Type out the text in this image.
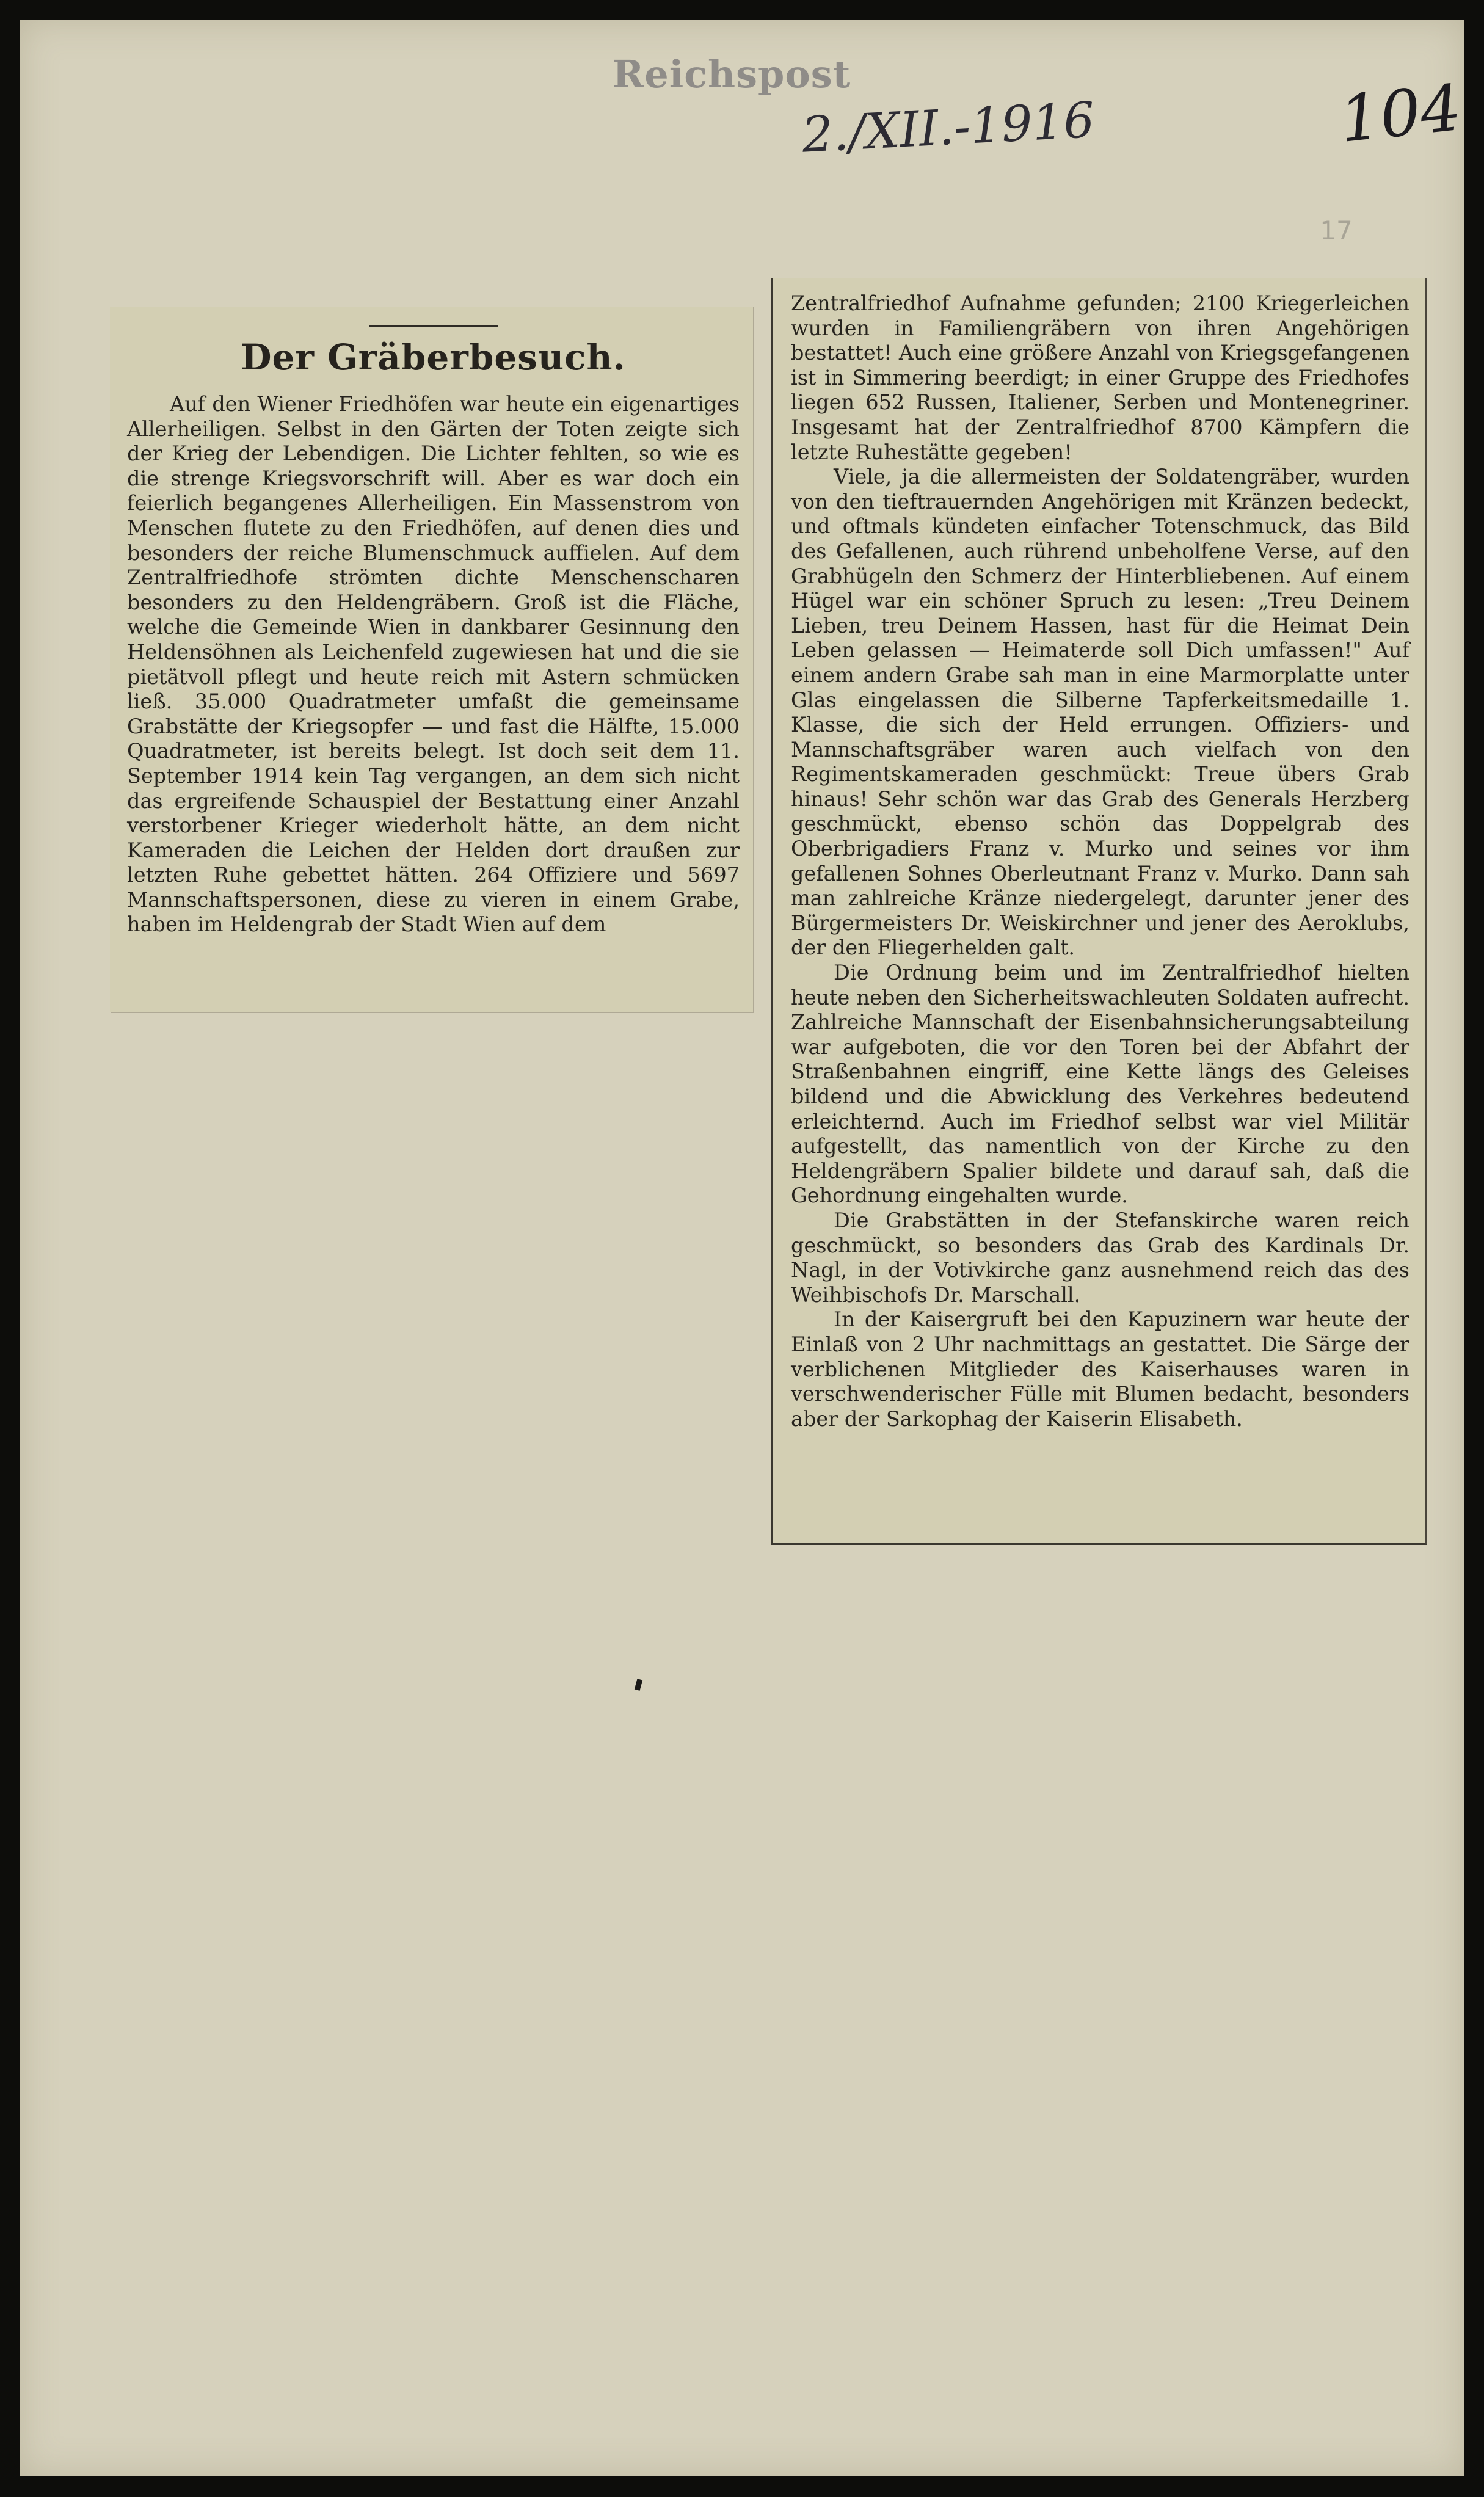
Reichspost
2./XII.-1916	104
17
Der Gräberbesuch.

Auf den Wiener Friedhöfen war heute ein eigenartiges Allerheiligen. Selbst in den Gärten der Toten zeigte sich der Krieg der Lebendigen. Die Lichter fehlten, so wie es die strenge Kriegsvorschrift will. Aber es war doch ein feierlich begangenes Allerheiligen. Ein Massenstrom von Menschen flutete zu den Friedhöfen, auf denen dies und besonders der reiche Blumenschmuck auffielen. Auf dem Zentralfriedhofe strömten dichte Menschenscharen besonders zu den Heldengräbern. Groß ist die Fläche, welche die Gemeinde Wien in dankbarer Gesinnung den Heldensöhnen als Leichenfeld zugewiesen hat und die sie pietätvoll pflegt und heute reich mit Astern schmücken ließ. 35.000 Quadratmeter umfaßt die gemeinsame Grabstätte der Kriegsopfer — und fast die Hälfte, 15.000 Quadratmeter, ist bereits belegt. Ist doch seit dem 11. September 1914 kein Tag vergangen, an dem sich nicht das ergreifende Schauspiel der Bestattung einer Anzahl verstorbener Krieger wiederholt hätte, an dem nicht Kameraden die Leichen der Helden dort draußen zur letzten Ruhe gebettet hätten. 264 Offiziere und 5697 Mannschaftspersonen, diese zu vieren in einem Grabe, haben im Heldengrab der Stadt Wien auf dem

Zentralfriedhof Aufnahme gefunden; 2100 Kriegerleichen wurden in Familiengräbern von ihren Angehörigen bestattet! Auch eine größere Anzahl von Kriegsgefangenen ist in Simmering beerdigt; in einer Gruppe des Friedhofes liegen 652 Russen, Italiener, Serben und Montenegriner. Insgesamt hat der Zentralfriedhof 8700 Kämpfern die letzte Ruhestätte gegeben!

Viele, ja die allermeisten der Soldatengräber, wurden von den tieftrauernden Angehörigen mit Kränzen bedeckt, und oftmals kündeten einfacher Totenschmuck, das Bild des Gefallenen, auch rührend unbeholfene Verse, auf den Grabhügeln den Schmerz der Hinterbliebenen. Auf einem Hügel war ein schöner Spruch zu lesen: „Treu Deinem Lieben, treu Deinem Hassen, hast für die Heimat Dein Leben gelassen — Heimaterde soll Dich umfassen!" Auf einem andern Grabe sah man in eine Marmorplatte unter Glas eingelassen die Silberne Tapferkeitsmedaille 1. Klasse, die sich der Held errungen. Offiziers- und Mannschaftsgräber waren auch vielfach von den Regimentskameraden geschmückt: Treue übers Grab hinaus! Sehr schön war das Grab des Generals Herzberg geschmückt, ebenso schön das Doppelgrab des Oberbrigadiers Franz v. Murko und seines vor ihm gefallenen Sohnes Oberleutnant Franz v. Murko. Dann sah man zahlreiche Kränze niedergelegt, darunter jener des Bürgermeisters Dr. Weiskirchner und jener des Aeroklubs, der den Fliegerhelden galt.

Die Ordnung beim und im Zentralfriedhof hielten heute neben den Sicherheitswachleuten Soldaten aufrecht. Zahlreiche Mannschaft der Eisenbahnsicherungsabteilung war aufgeboten, die vor den Toren bei der Abfahrt der Straßenbahnen eingriff, eine Kette längs des Geleises bildend und die Abwicklung des Verkehres bedeutend erleichternd. Auch im Friedhof selbst war viel Militär aufgestellt, das namentlich von der Kirche zu den Heldengräbern Spalier bildete und darauf sah, daß die Gehordnung eingehalten wurde.

Die Grabstätten in der Stefanskirche waren reich geschmückt, so besonders das Grab des Kardinals Dr. Nagl, in der Votivkirche ganz ausnehmend reich das des Weihbischofs Dr. Marschall.

In der Kaisergruft bei den Kapuzinern war heute der Einlaß von 2 Uhr nachmittags an gestattet. Die Särge der verblichenen Mitglieder des Kaiserhauses waren in verschwenderischer Fülle mit Blumen bedacht, besonders aber der Sarkophag der Kaiserin Elisabeth.
